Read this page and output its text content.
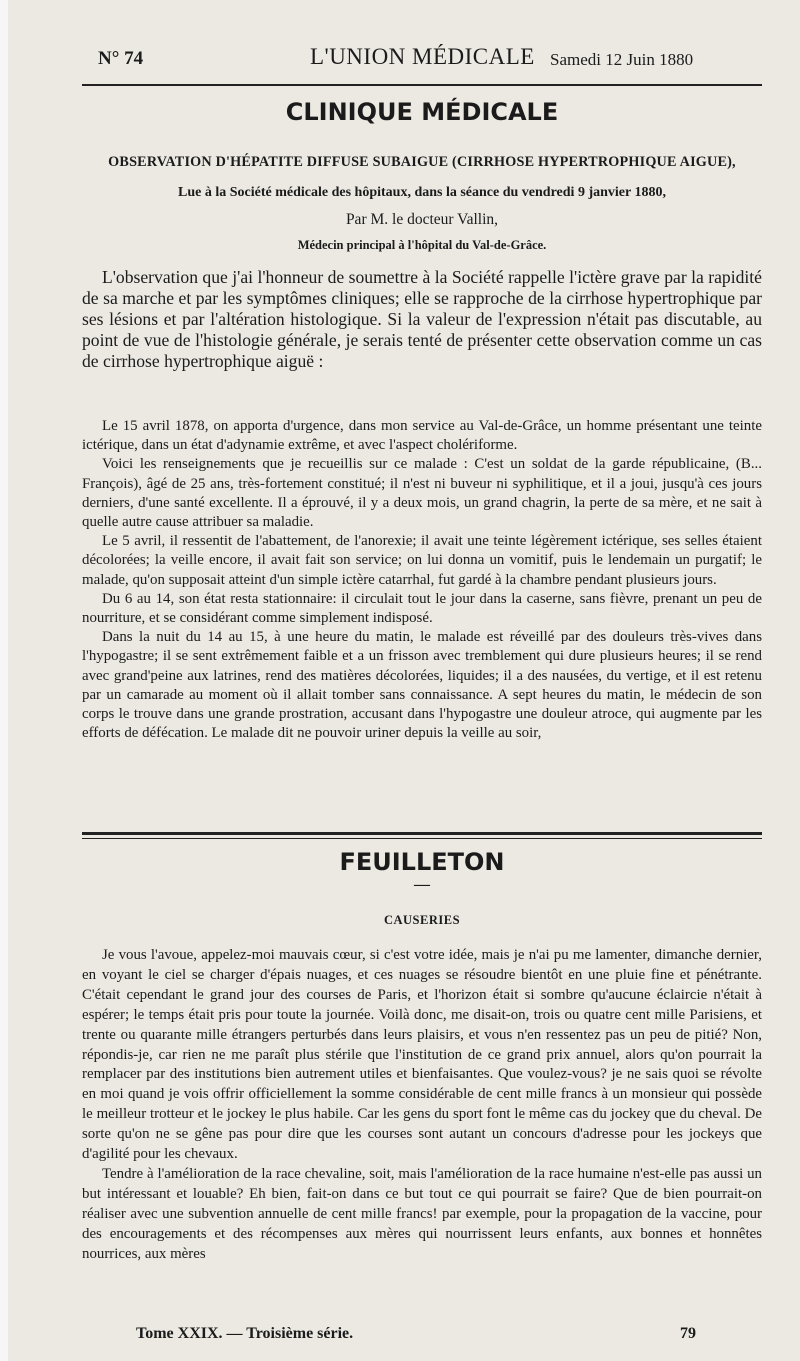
N° 74	L'UNION MÉDICALE Samedi 12 Juin 1880
CLINIQUE MÉDICALE
OBSERVATION D'HÉPATITE DIFFUSE SUBAIGUE (CIRRHOSE HYPERTROPHIQUE AIGUE),
Lue à la Société médicale des hôpitaux, dans la séance du vendredi 9 janvier 1880,
Par M. le docteur Vallin,
Médecin principal à l'hôpital du Val-de-Grâce.

L'observation que j'ai l'honneur de soumettre à la Société rappelle l'ictère grave par la rapidité de sa marche et par les symptômes cliniques; elle se rapproche de la cirrhose hypertrophique par ses lésions et par l'altération histologique. Si la valeur de l'expression n'était pas discutable, au point de vue de l'histologie générale, je serais tenté de présenter cette observation comme un cas de cirrhose hypertrophique aiguë :

Le 15 avril 1878, on apporta d'urgence, dans mon service au Val-de-Grâce, un homme présentant une teinte ictérique, dans un état d'adynamie extrême, et avec l'aspect cholériforme.

Voici les renseignements que je recueillis sur ce malade : C'est un soldat de la garde républicaine, (B... François), âgé de 25 ans, très-fortement constitué; il n'est ni buveur ni syphilitique, et il a joui, jusqu'à ces jours derniers, d'une santé excellente. Il a éprouvé, il y a deux mois, un grand chagrin, la perte de sa mère, et ne sait à quelle autre cause attribuer sa maladie.

Le 5 avril, il ressentit de l'abattement, de l'anorexie; il avait une teinte légèrement ictérique, ses selles étaient décolorées; la veille encore, il avait fait son service; on lui donna un vomitif, puis le lendemain un purgatif; le malade, qu'on supposait atteint d'un simple ictère catarrhal, fut gardé à la chambre pendant plusieurs jours.

Du 6 au 14, son état resta stationnaire: il circulait tout le jour dans la caserne, sans fièvre, prenant un peu de nourriture, et se considérant comme simplement indisposé.

Dans la nuit du 14 au 15, à une heure du matin, le malade est réveillé par des douleurs très-vives dans l'hypogastre; il se sent extrêmement faible et a un frisson avec tremblement qui dure plusieurs heures; il se rend avec grand'peine aux latrines, rend des matières décolorées, liquides; il a des nausées, du vertige, et il est retenu par un camarade au moment où il allait tomber sans connaissance. A sept heures du matin, le médecin de son corps le trouve dans une grande prostration, accusant dans l'hypogastre une douleur atroce, qui augmente par les efforts de défécation. Le malade dit ne pouvoir uriner depuis la veille au soir,

FEUILLETON
—
CAUSERIES

Je vous l'avoue, appelez-moi mauvais cœur, si c'est votre idée, mais je n'ai pu me lamenter, dimanche dernier, en voyant le ciel se charger d'épais nuages, et ces nuages se résoudre bientôt en une pluie fine et pénétrante. C'était cependant le grand jour des courses de Paris, et l'horizon était si sombre qu'aucune éclaircie n'était à espérer; le temps était pris pour toute la journée. Voilà donc, me disait-on, trois ou quatre cent mille Parisiens, et trente ou quarante mille étrangers perturbés dans leurs plaisirs, et vous n'en ressentez pas un peu de pitié? Non, répondis-je, car rien ne me paraît plus stérile que l'institution de ce grand prix annuel, alors qu'on pourrait la remplacer par des institutions bien autrement utiles et bienfaisantes. Que voulez-vous? je ne sais quoi se révolte en moi quand je vois offrir officiellement la somme considérable de cent mille francs à un monsieur qui possède le meilleur trotteur et le jockey le plus habile. Car les gens du sport font le même cas du jockey que du cheval. De sorte qu'on ne se gêne pas pour dire que les courses sont autant un concours d'adresse pour les jockeys que d'agilité pour les chevaux.

Tendre à l'amélioration de la race chevaline, soit, mais l'amélioration de la race humaine n'est-elle pas aussi un but intéressant et louable? Eh bien, fait-on dans ce but tout ce qui pourrait se faire? Que de bien pourrait-on réaliser avec une subvention annuelle de cent mille francs! par exemple, pour la propagation de la vaccine, pour des encouragements et des récompenses aux mères qui nourrissent leurs enfants, aux bonnes et honnêtes nourrices, aux mères

Tome XXIX. — Troisième série.	79
